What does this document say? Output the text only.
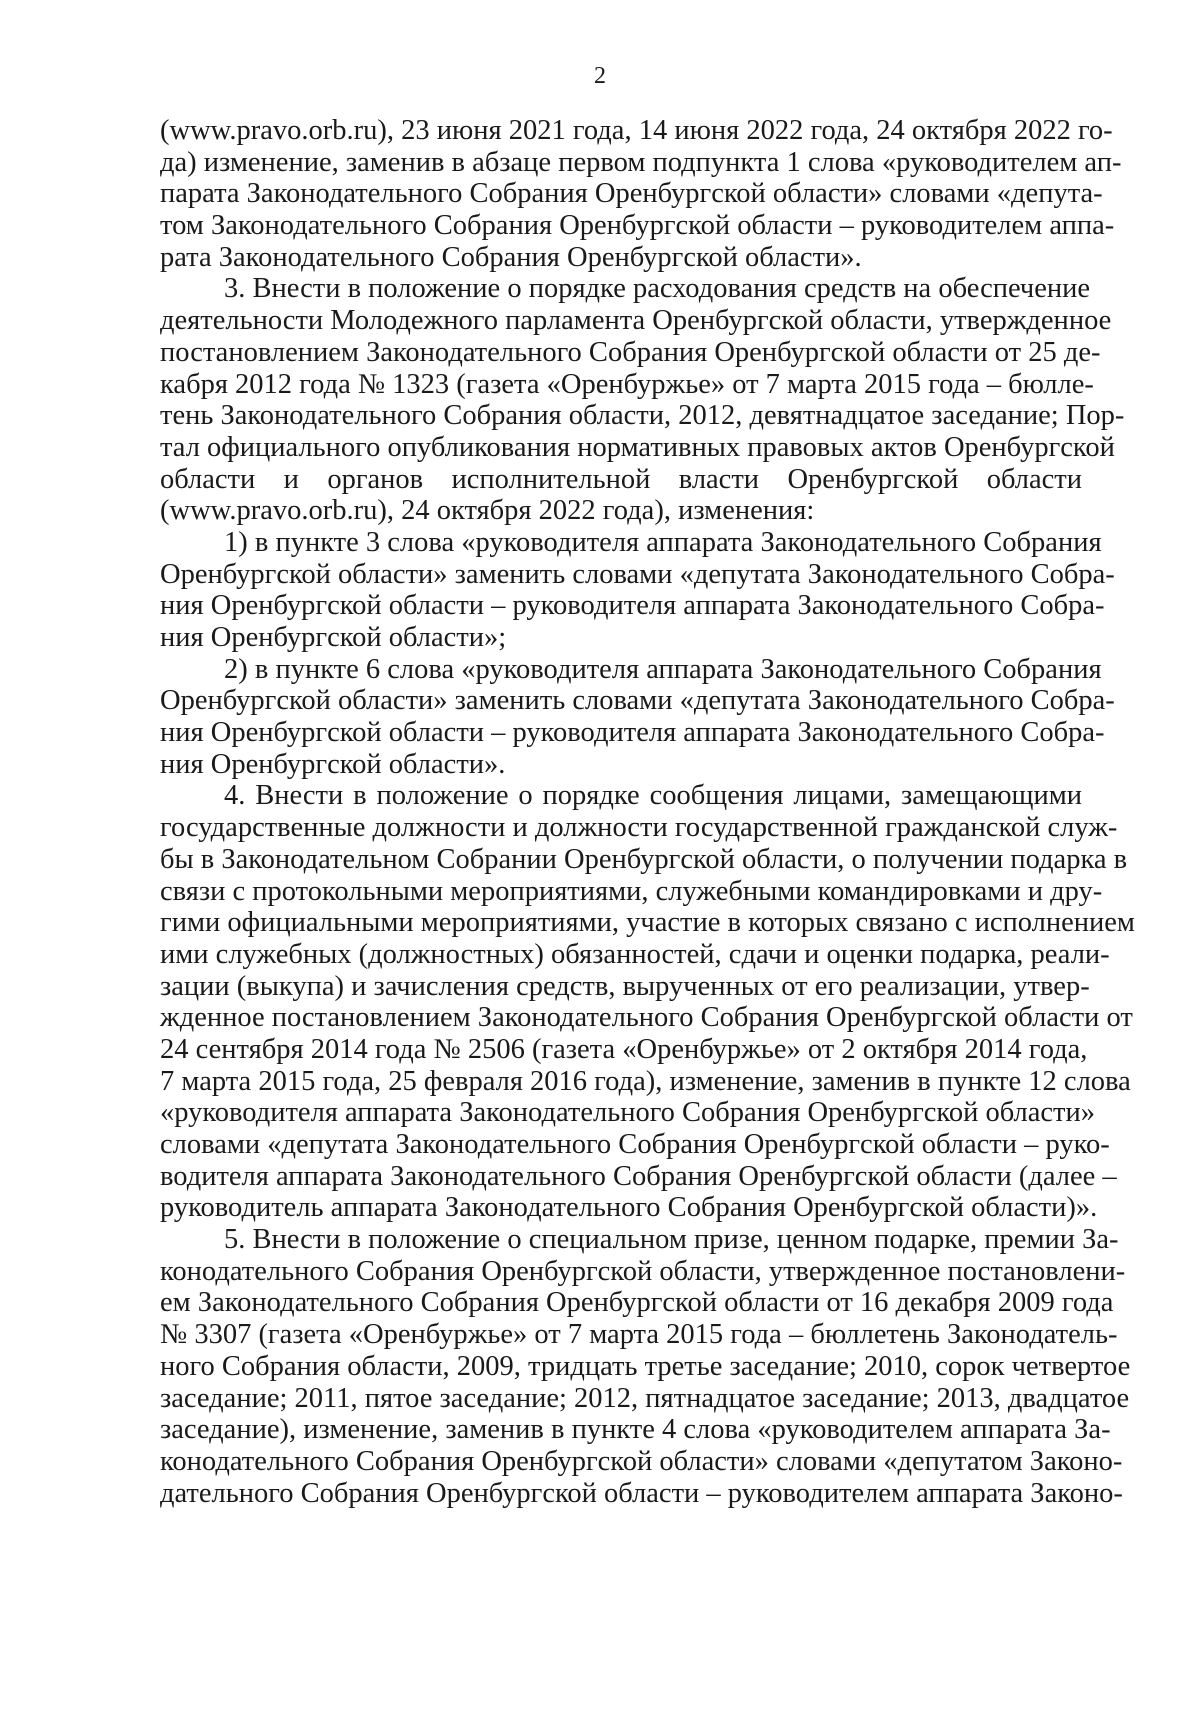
2
(www.pravo.orb.ru), 23 июня 2021 года, 14 июня 2022 года, 24 октября 2022 го-
да) изменение, заменив в абзаце первом подпункта 1 слова «руководителем ап-
парата Законодательного Собрания Оренбургской области» словами «депута-
том Законодательного Собрания Оренбургской области – руководителем аппа-
рата Законодательного Собрания Оренбургской области».
3. Внести в положение о порядке расходования средств на обеспечение
деятельности Молодежного парламента Оренбургской области, утвержденное
постановлением Законодательного Собрания Оренбургской области от 25 де-
кабря 2012 года № 1323 (газета «Оренбуржье» от 7 марта 2015 года – бюлле-
тень Законодательного Собрания области, 2012, девятнадцатое заседание; Пор-
тал официального опубликования нормативных правовых актов Оренбургской
области и органов исполнительной власти Оренбургской области
(www.pravo.orb.ru), 24 октября 2022 года), изменения:
1) в пункте 3 слова «руководителя аппарата Законодательного Собрания
Оренбургской области» заменить словами «депутата Законодательного Собра-
ния Оренбургской области – руководителя аппарата Законодательного Собра-
ния Оренбургской области»;
2) в пункте 6 слова «руководителя аппарата Законодательного Собрания
Оренбургской области» заменить словами «депутата Законодательного Собра-
ния Оренбургской области – руководителя аппарата Законодательного Собра-
ния Оренбургской области».
4. Внести в положение о порядке сообщения лицами, замещающими
государственные должности и должности государственной гражданской служ-
бы в Законодательном Собрании Оренбургской области, о получении подарка в
связи с протокольными мероприятиями, служебными командировками и дру-
гими официальными мероприятиями, участие в которых связано с исполнением
ими служебных (должностных) обязанностей, сдачи и оценки подарка, реали-
зации (выкупа) и зачисления средств, вырученных от его реализации, утвер-
жденное постановлением Законодательного Собрания Оренбургской области от
24 сентября 2014 года № 2506 (газета «Оренбуржье» от 2 октября 2014 года,
7 марта 2015 года, 25 февраля 2016 года), изменение, заменив в пункте 12 слова
«руководителя аппарата Законодательного Собрания Оренбургской области»
словами «депутата Законодательного Собрания Оренбургской области – руко-
водителя аппарата Законодательного Собрания Оренбургской области (далее –
руководитель аппарата Законодательного Собрания Оренбургской области)».
5. Внести в положение о специальном призе, ценном подарке, премии За-
конодательного Собрания Оренбургской области, утвержденное постановлени-
ем Законодательного Собрания Оренбургской области от 16 декабря 2009 года
№ 3307 (газета «Оренбуржье» от 7 марта 2015 года – бюллетень Законодатель-
ного Собрания области, 2009, тридцать третье заседание; 2010, сорок четвертое
заседание; 2011, пятое заседание; 2012, пятнадцатое заседание; 2013, двадцатое
заседание), изменение, заменив в пункте 4 слова «руководителем аппарата За-
конодательного Собрания Оренбургской области» словами «депутатом Законо-
дательного Собрания Оренбургской области – руководителем аппарата Законо-
